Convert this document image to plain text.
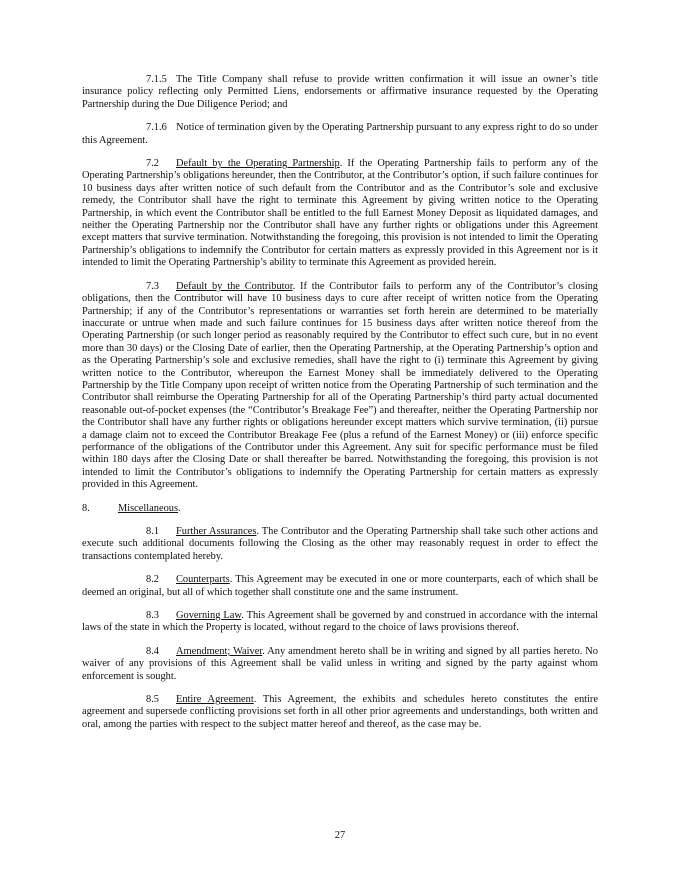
7.1.5 The Title Company shall refuse to provide written confirmation it will issue an owner’s title insurance policy reflecting only Permitted Liens, endorsements or affirmative insurance requested by the Operating Partnership during the Due Diligence Period; and

7.1.6 Notice of termination given by the Operating Partnership pursuant to any express right to do so under this Agreement.

7.2 Default by the Operating Partnership. If the Operating Partnership fails to perform any of the Operating Partnership’s obligations hereunder, then the Contributor, at the Contributor’s option, if such failure continues for 10 business days after written notice of such default from the Contributor and as the Contributor’s sole and exclusive remedy, the Contributor shall have the right to terminate this Agreement by giving written notice to the Operating Partnership, in which event the Contributor shall be entitled to the full Earnest Money Deposit as liquidated damages, and neither the Operating Partnership nor the Contributor shall have any further rights or obligations under this Agreement except matters that survive termination. Notwithstanding the foregoing, this provision is not intended to limit the Operating Partnership’s obligations to indemnify the Contributor for certain matters as expressly provided in this Agreement nor is it intended to limit the Operating Partnership’s ability to terminate this Agreement as provided herein.

7.3 Default by the Contributor. If the Contributor fails to perform any of the Contributor’s closing obligations, then the Contributor will have 10 business days to cure after receipt of written notice from the Operating Partnership; if any of the Contributor’s representations or warranties set forth herein are determined to be materially inaccurate or untrue when made and such failure continues for 15 business days after written notice thereof from the Operating Partnership (or such longer period as reasonably required by the Contributor to effect such cure, but in no event more than 30 days) or the Closing Date of earlier, then the Operating Partnership, at the Operating Partnership’s option and as the Operating Partnership’s sole and exclusive remedies, shall have the right to (i) terminate this Agreement by giving written notice to the Contributor, whereupon the Earnest Money shall be immediately delivered to the Operating Partnership by the Title Company upon receipt of written notice from the Operating Partnership of such termination and the Contributor shall reimburse the Operating Partnership for all of the Operating Partnership’s third party actual documented reasonable out-of-pocket expenses (the “Contributor’s Breakage Fee”) and thereafter, neither the Operating Partnership nor the Contributor shall have any further rights or obligations hereunder except matters which survive termination, (ii) pursue a damage claim not to exceed the Contributor Breakage Fee (plus a refund of the Earnest Money) or (iii) enforce specific performance of the obligations of the Contributor under this Agreement. Any suit for specific performance must be filed within 180 days after the Closing Date or shall thereafter be barred. Notwithstanding the foregoing, this provision is not intended to limit the Contributor’s obligations to indemnify the Operating Partnership for certain matters as expressly provided in this Agreement.

8.	Miscellaneous.

8.1 Further Assurances. The Contributor and the Operating Partnership shall take such other actions and execute such additional documents following the Closing as the other may reasonably request in order to effect the transactions contemplated hereby.

8.2 Counterparts. This Agreement may be executed in one or more counterparts, each of which shall be deemed an original, but all of which together shall constitute one and the same instrument.

8.3 Governing Law. This Agreement shall be governed by and construed in accordance with the internal laws of the state in which the Property is located, without regard to the choice of laws provisions thereof.

8.4 Amendment; Waiver. Any amendment hereto shall be in writing and signed by all parties hereto. No waiver of any provisions of this Agreement shall be valid unless in writing and signed by the party against whom enforcement is sought.

8.5 Entire Agreement. This Agreement, the exhibits and schedules hereto constitutes the entire agreement and supersede conflicting provisions set forth in all other prior agreements and understandings, both written and oral, among the parties with respect to the subject matter hereof and thereof, as the case may be.

27
